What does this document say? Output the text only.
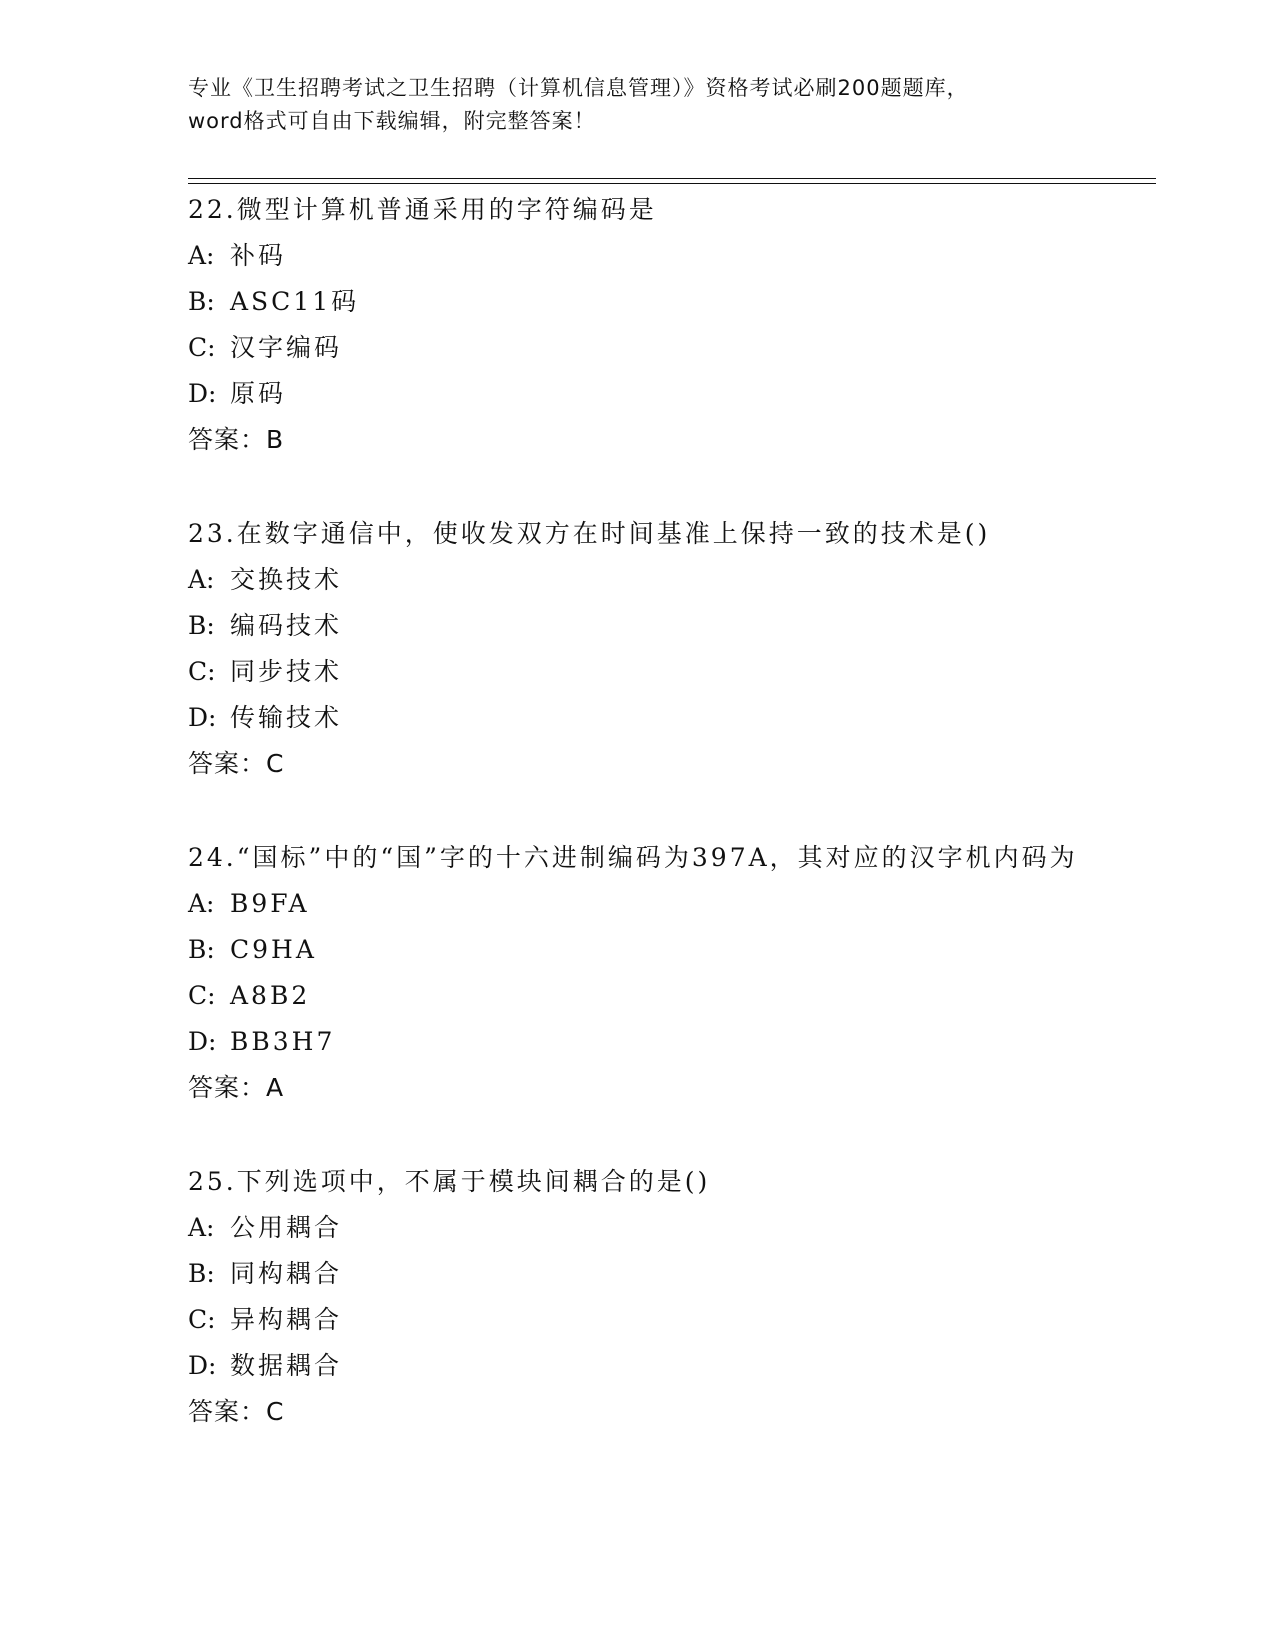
专业《卫生招聘考试之卫生招聘（计算机信息管理）》资格考试必刷200题题库，
word格式可自由下载编辑，附完整答案！

22.微型计算机普通采用的字符编码是

A: 补码

B: ASC11码

C: 汉字编码

D: 原码

答案：B

23.在数字通信中，使收发双方在时间基准上保持一致的技术是()

A: 交换技术

B: 编码技术

C: 同步技术

D: 传输技术

答案：C

24.“国标”中的“国”字的十六进制编码为397A，其对应的汉字机内码为

A: B9FA

B: C9HA

C: A8B2

D: BB3H7

答案：A

25.下列选项中，不属于模块间耦合的是()

A: 公用耦合

B: 同构耦合

C: 异构耦合

D: 数据耦合

答案：C
